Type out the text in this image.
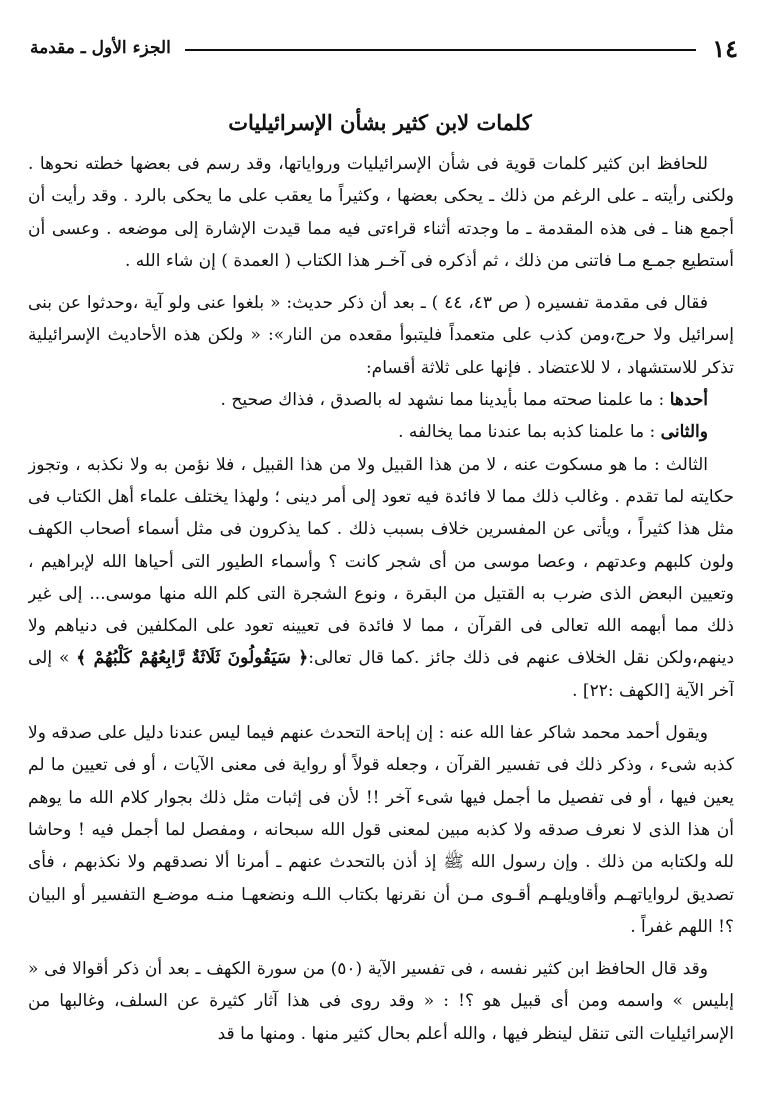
١٤
الجزء الأول ـ مقدمة
كلمات لابن كثير بشأن الإسرائيليات

للحافظ ابن كثير كلمات قوية فى شأن الإسرائيليات ورواياتها، وقد رسم فى بعضها خطته نحوها . ولكنى رأيته ـ على الرغم من ذلك ـ يحكى بعضها ، وكثيراً ما يعقب على ما يحكى بالرد . وقد رأيت أن أجمع هنا ـ فى هذه المقدمة ـ ما وجدته أثناء قراءتى فيه مما قيدت الإشارة إلى موضعه . وعسى أن أستطيع جمـع مـا فاتنى من ذلك ، ثم أذكره فى آخـر هذا الكتاب ( العمدة ) إن شاء الله .

فقال فى مقدمة تفسيره ( ص ٤٣، ٤٤ ) ـ بعد أن ذكر حديث: « بلغوا عنى ولو آية ،وحدثوا عن بنى إسرائيل ولا حرج،ومن كذب على متعمداً فليتبوأ مقعده من النار»: « ولكن هذه الأحاديث الإسرائيلية تذكر للاستشهاد ، لا للاعتضاد . فإنها على ثلاثة أقسام:

أحدها : ما علمنا صحته مما بأيدينا مما نشهد له بالصدق ، فذاك صحيح .

والثانى : ما علمنا كذبه بما عندنا مما يخالفه .

الثالث : ما هو مسكوت عنه ، لا من هذا القبيل ولا من هذا القبيل ، فلا نؤمن به ولا نكذبه ، وتجوز حكايته لما تقدم . وغالب ذلك مما لا فائدة فيه تعود إلى أمر دينى ؛ ولهذا يختلف علماء أهل الكتاب فى مثل هذا كثيراً ، ويأتى عن المفسرين خلاف بسبب ذلك . كما يذكرون فى مثل أسماء أصحاب الكهف ولون كلبهم وعدتهم ، وعصا موسى من أى شجر كانت ؟ وأسماء الطيور التى أحياها الله لإبراهيم ، وتعيين البعض الذى ضرب به القتيل من البقرة ، ونوع الشجرة التى كلم الله منها موسى... إلى غير ذلك مما أبهمه الله تعالى فى القرآن ، مما لا فائدة فى تعيينه تعود على المكلفين فى دنياهم ولا دينهم،ولكن نقل الخلاف عنهم فى ذلك جائز .كما قال تعالى:﴿ سَيَقُولُونَ ثَلَاثَةٌ رَّابِعُهُمْ كَلْبُهُمْ ﴾ » إلى آخر الآية [الكهف :٢٢] .

ويقول أحمد محمد شاكر عفا الله عنه : إن إباحة التحدث عنهم فيما ليس عندنا دليل على صدقه ولا كذبه شىء ، وذكر ذلك فى تفسير القرآن ، وجعله قولاً أو رواية فى معنى الآيات ، أو فى تعيين ما لم يعين فيها ، أو فى تفصيل ما أجمل فيها شىء آخر !! لأن فى إثبات مثل ذلك بجوار كلام الله ما يوهم أن هذا الذى لا نعرف صدقه ولا كذبه مبين لمعنى قول الله سبحانه ، ومفصل لما أجمل فيه ! وحاشا لله ولكتابه من ذلك . وإن رسول الله ﷺ إذ أذن بالتحدث عنهم ـ أمرنا ألا نصدقهم ولا نكذبهم ، فأى تصديق لرواياتهـم وأقاويلهـم أقـوى مـن أن نقرنها بكتاب اللـه ونضعهـا منـه موضـع التفسير أو البيان ؟! اللهم غفراً .

وقد قال الحافظ ابن كثير نفسه ، فى تفسير الآية (٥٠) من سورة الكهف ـ بعد أن ذكر أقوالا فى « إبليس » واسمه ومن أى قبيل هو ؟! : « وقد روى فى هذا آثار كثيرة عن السلف، وغالبها من الإسرائيليات التى تنقل لينظر فيها ، والله أعلم بحال كثير منها . ومنها ما قد
